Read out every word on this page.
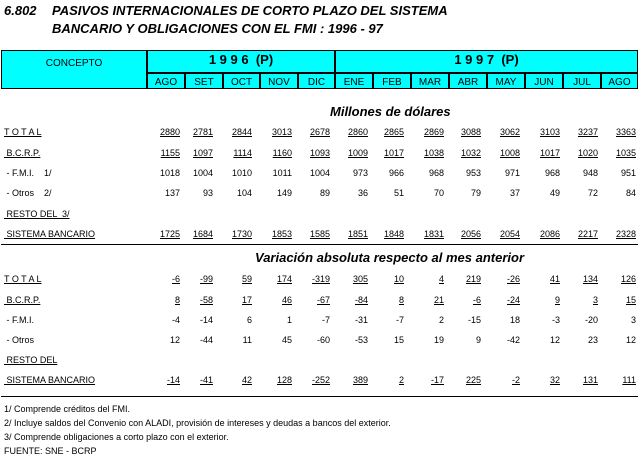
6.802 PASIVOS INTERNACIONALES DE CORTO PLAZO DEL SISTEMA
BANCARIO Y OBLIGACIONES CON EL FMI : 1996 - 97
CONCEPTO	1 9 9 6  (P)	1 9 9 7  (P)
AGO	SET	OCT	NOV	DIC	ENE	FEB	MAR	ABR	MAY	JUN	JUL	AGO
Millones de dólares
T O T A L	2880	2781	2844	3013	2678	2860	2865	2869	3088	3062	3103	3237	3363
B.C.R.P.	1155	1097	1114	1160	1093	1009	1017	1038	1032	1008	1017	1020	1035
- F.M.I.    1/	1018	1004	1010	1011	1004	973	966	968	953	971	968	948	951
- Otros    2/	137	93	104	149	89	36	51	70	79	37	49	72	84
RESTO DEL  3/
SISTEMA BANCARIO	1725	1684	1730	1853	1585	1851	1848	1831	2056	2054	2086	2217	2328
Variación absoluta respecto al mes anterior
T O T A L	-6	-99	59	174	-319	305	10	4	219	-26	41	134	126
B.C.R.P.	8	-58	17	46	-67	-84	8	21	-6	-24	9	3	15
- F.M.I.	-4	-14	6	1	-7	-31	-7	2	-15	18	-3	-20	3
- Otros	12	-44	11	45	-60	-53	15	19	9	-42	12	23	12
RESTO DEL
SISTEMA BANCARIO	-14	-41	42	128	-252	389	2	-17	225	-2	32	131	111
1/ Comprende créditos del FMI.
2/ Incluye saldos del Convenio con ALADI, provisión de intereses y deudas a bancos del exterior.
3/ Comprende obligaciones a corto plazo con el exterior.
FUENTE: SNE - BCRP
